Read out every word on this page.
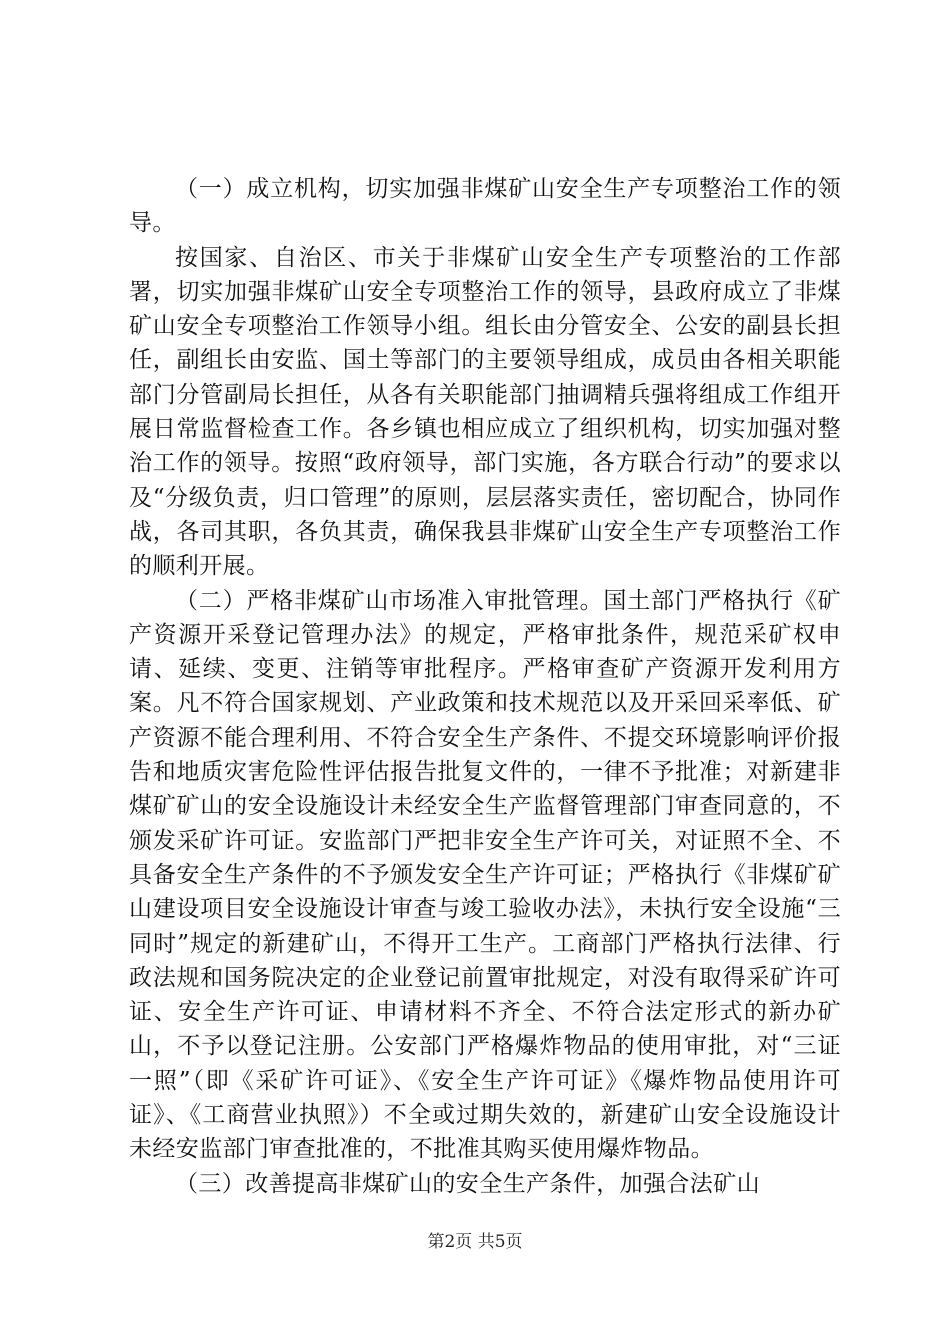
（一）成立机构，切实加强非煤矿山安全生产专项整治工作的领导。

按国家、自治区、市关于非煤矿山安全生产专项整治的工作部署，切实加强非煤矿山安全专项整治工作的领导，县政府成立了非煤矿山安全专项整治工作领导小组。组长由分管安全、公安的副县长担任，副组长由安监、国土等部门的主要领导组成，成员由各相关职能部门分管副局长担任，从各有关职能部门抽调精兵强将组成工作组开展日常监督检查工作。各乡镇也相应成立了组织机构，切实加强对整治工作的领导。按照“政府领导，部门实施，各方联合行动”的要求以及“分级负责，归口管理”的原则，层层落实责任，密切配合，协同作战，各司其职，各负其责，确保我县非煤矿山安全生产专项整治工作的顺利开展。

（二）严格非煤矿山市场准入审批管理。国土部门严格执行《矿产资源开采登记管理办法》的规定，严格审批条件，规范采矿权申请、延续、变更、注销等审批程序。严格审查矿产资源开发利用方案。凡不符合国家规划、产业政策和技术规范以及开采回采率低、矿产资源不能合理利用、不符合安全生产条件、不提交环境影响评价报告和地质灾害危险性评估报告批复文件的，一律不予批准；对新建非煤矿矿山的安全设施设计未经安全生产监督管理部门审查同意的，不颁发采矿许可证。安监部门严把非安全生产许可关，对证照不全、不具备安全生产条件的不予颁发安全生产许可证；严格执行《非煤矿矿山建设项目安全设施设计审查与竣工验收办法》，未执行安全设施“三同时”规定的新建矿山，不得开工生产。工商部门严格执行法律、行政法规和国务院决定的企业登记前置审批规定，对没有取得采矿许可证、安全生产许可证、申请材料不齐全、不符合法定形式的新办矿山，不予以登记注册。公安部门严格爆炸物品的使用审批，对“三证一照”（即《采矿许可证》、《安全生产许可证》《爆炸物品使用许可证》、《工商营业执照》）不全或过期失效的，新建矿山安全设施设计未经安监部门审查批准的，不批准其购买使用爆炸物品。

（三）改善提高非煤矿山的安全生产条件，加强合法矿山

第2页 共5页
